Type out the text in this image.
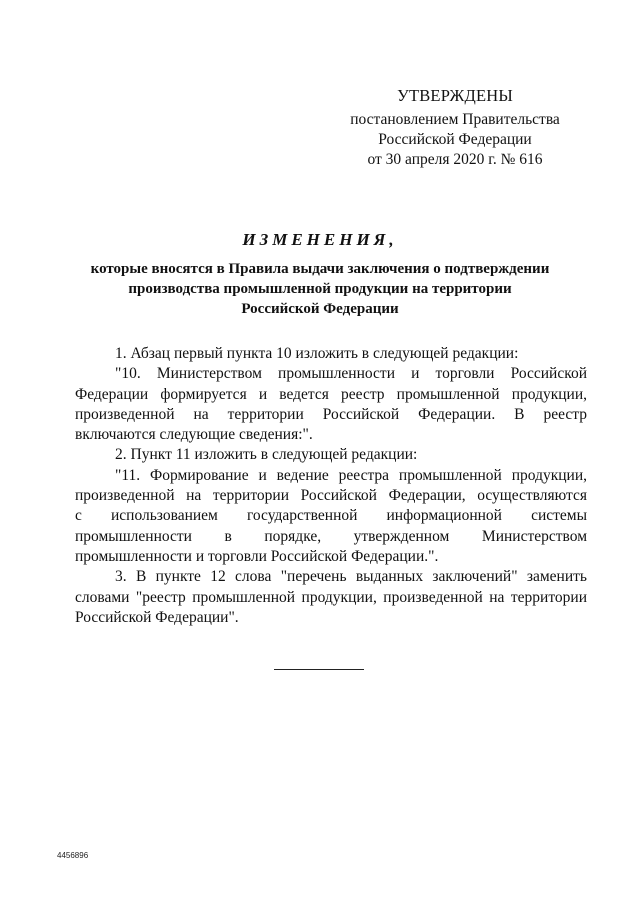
УТВЕРЖДЕНЫ
постановлением Правительства
Российской Федерации
от 30 апреля 2020 г. № 616
ИЗМЕНЕНИЯ,
которые вносятся в Правила выдачи заключения о подтверждении
производства промышленной продукции на территории
Российской Федерации
1. Абзац первый пункта 10 изложить в следующей редакции:
"10. Министерством промышленности и торговли Российской
Федерации формируется и ведется реестр промышленной продукции,
произведенной на территории Российской Федерации. В реестр
включаются следующие сведения:".
2. Пункт 11 изложить в следующей редакции:
"11. Формирование и ведение реестра промышленной продукции,
произведенной на территории Российской Федерации, осуществляются
с использованием государственной информационной системы
промышленности в порядке, утвержденном Министерством
промышленности и торговли Российской Федерации.".
3. В пункте 12 слова "перечень выданных заключений" заменить
словами "реестр промышленной продукции, произведенной на территории
Российской Федерации".
4456896
